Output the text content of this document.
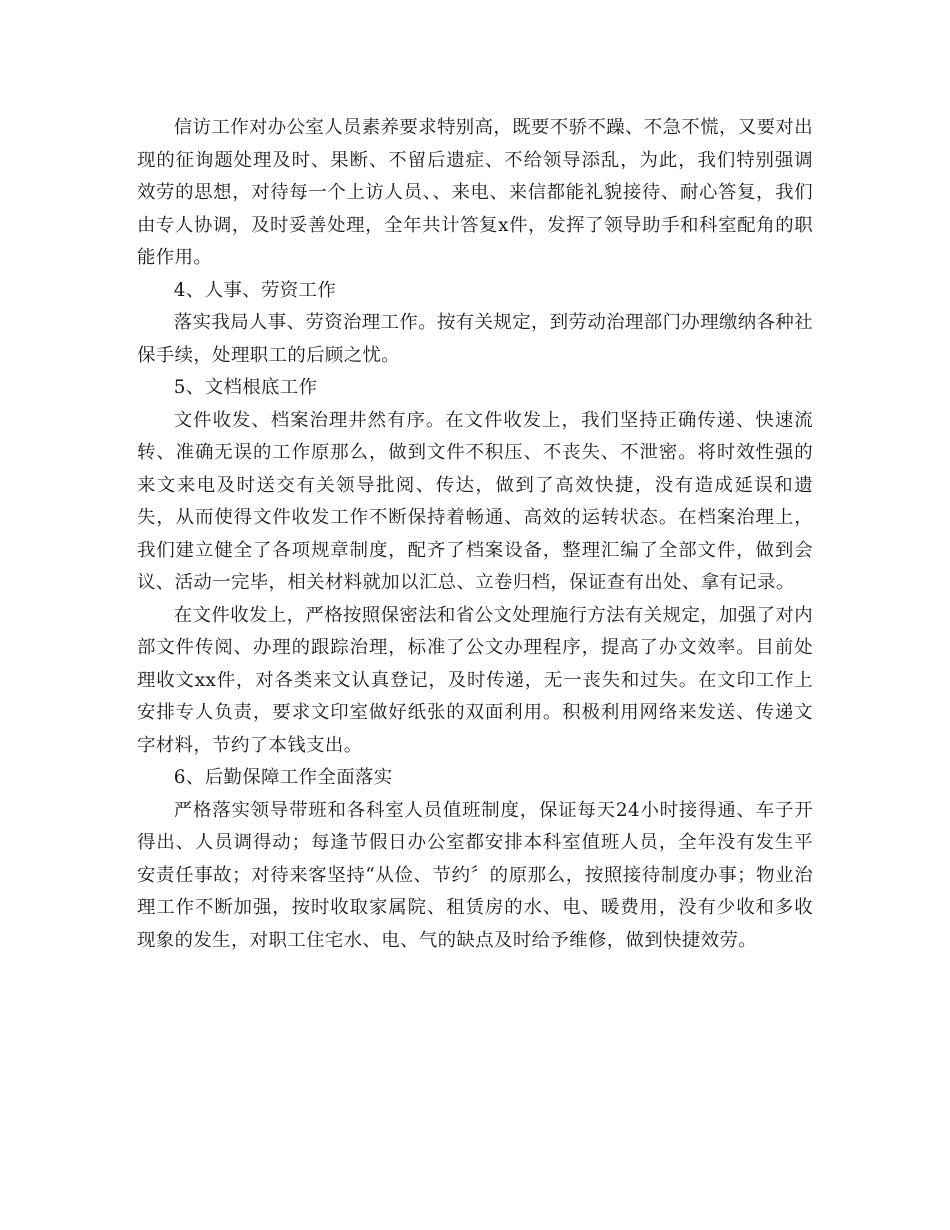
信访工作对办公室人员素养要求特别高，既要不骄不躁、不急不慌，又要对出现的征询题处理及时、果断、不留后遗症、不给领导添乱，为此，我们特别强调效劳的思想，对待每一个上访人员、、来电、来信都能礼貌接待、耐心答复，我们由专人协调，及时妥善处理，全年共计答复x件，发挥了领导助手和科室配角的职能作用。

4、人事、劳资工作

落实我局人事、劳资治理工作。按有关规定，到劳动治理部门办理缴纳各种社保手续，处理职工的后顾之忧。

5、文档根底工作

文件收发、档案治理井然有序。在文件收发上，我们坚持正确传递、快速流转、准确无误的工作原那么，做到文件不积压、不丧失、不泄密。将时效性强的来文来电及时送交有关领导批阅、传达，做到了高效快捷，没有造成延误和遗失，从而使得文件收发工作不断保持着畅通、高效的运转状态。在档案治理上，我们建立健全了各项规章制度，配齐了档案设备，整理汇编了全部文件，做到会议、活动一完毕，相关材料就加以汇总、立卷归档，保证查有出处、拿有记录。

在文件收发上，严格按照保密法和省公文处理施行方法有关规定，加强了对内部文件传阅、办理的跟踪治理，标准了公文办理程序，提高了办文效率。目前处理收文xx件，对各类来文认真登记，及时传递，无一丧失和过失。在文印工作上安排专人负责，要求文印室做好纸张的双面利用。积极利用网络来发送、传递文字材料，节约了本钱支出。

6、后勤保障工作全面落实

严格落实领导带班和各科室人员值班制度，保证每天24小时接得通、车子开得出、人员调得动；每逢节假日办公室都安排本科室值班人员，全年没有发生平安责任事故；对待来客坚持“从俭、节约〞的原那么，按照接待制度办事；物业治理工作不断加强，按时收取家属院、租赁房的水、电、暖费用，没有少收和多收现象的发生，对职工住宅水、电、气的缺点及时给予维修，做到快捷效劳。
